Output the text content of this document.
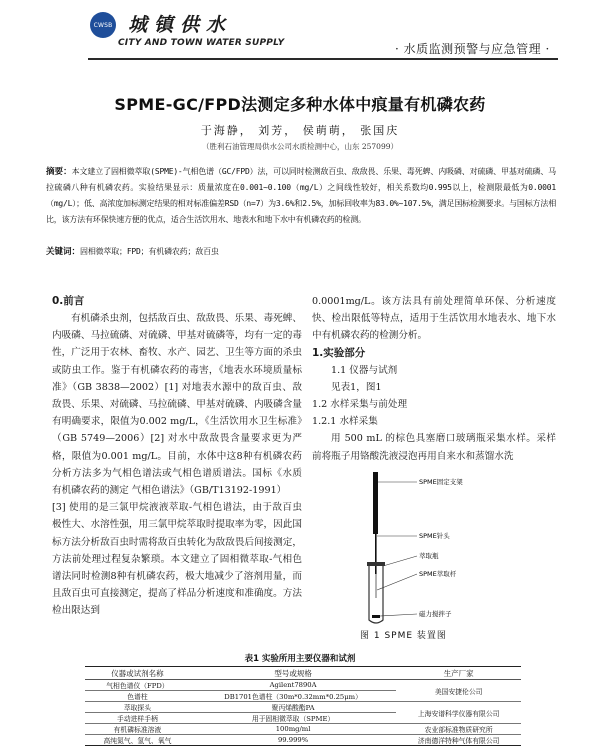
CWSB 城镇供水
CITY AND TOWN WATER SUPPLY	· 水质监测预警与应急管理 ·
SPME-GC/FPD法测定多种水体中痕量有机磷农药
于海静， 刘芳， 侯萌萌， 张国庆
（胜利石油管理局供水公司水质检测中心，山东 257099）
摘要：本文建立了固相微萃取(SPME)-气相色谱（GC/FPD）法，可以同时检测敌百虫、敌敌畏、乐果、毒死蜱、内吸磷、对硫磷、甲基对硫磷、马拉硫磷八种有机磷农药。实验结果显示：质量浓度在0.001~0.100（mg/L）之间线性较好，相关系数均0.995以上，检测限最低为0.0001（mg/L）；低、高浓度加标测定结果的相对标准偏差RSD（n=7）为3.6%和2.5%，加标回收率为83.0%~107.5%，满足国标检测要求。与国标方法相比，该方法有环保快速方便的优点，适合生活饮用水、地表水和地下水中有机磷农药的检测。
关键词：固相微萃取；FPD；有机磷农药；敌百虫
0.前言

有机磷杀虫剂，包括敌百虫、敌敌畏、乐果、毒死蜱、内吸磷、马拉硫磷、对硫磷、甲基对硫磷等，均有一定的毒性，广泛用于农林、畜牧、水产、园艺、卫生等方面的杀虫或防虫工作。鉴于有机磷农药的毒害，《地表水环境质量标准》（GB 3838—2002）[1] 对地表水源中的敌百虫、敌敌畏、乐果、对硫磷、马拉硫磷、甲基对硫磷、内吸磷含量有明确要求，限值为0.002 mg/L，《生活饮用水卫生标准》（GB 5749—2006）[2] 对水中敌敌畏含量要求更为严格，限值为0.001 mg/L。目前，水体中这8种有机磷农药分析方法多为气相色谱法或气相色谱质谱法。国标《水质 有机磷农药的测定 气相色谱法》（GB/T13192-1991）

[3] 使用的是三氯甲烷液液萃取-气相色谱法，由于敌百虫极性大、水溶性强，用三氯甲烷萃取时提取率为零，因此国标方法分析敌百虫时需将敌百虫转化为敌敌畏后间接测定，方法前处理过程复杂繁琐。本文建立了固相微萃取-气相色谱法同时检测8种有机磷农药，极大地减少了溶剂用量，而且敌百虫可直接测定，提高了样品分析速度和准确度。方法检出限达到

0.0001mg/L。该方法具有前处理简单环保、分析速度快、检出限低等特点，适用于生活饮用水地表水、地下水中有机磷农药的检测分析。

1.实验部分

1.1 仪器与试剂

见表1，图1

1.2 水样采集与前处理

1.2.1 水样采集

用 500 mL 的棕色具塞磨口玻璃瓶采集水样。采样前将瓶子用铬酸洗液浸泡再用自来水和蒸馏水洗

SPME固定支架
SPME针头
萃取瓶
SPME萃取杆
磁力搅拌子
图 1 SPME 装置图
表1 实验所用主要仪器和试剂
仪器或试剂名称	型号或规格	生产厂家
气相色谱仪（FPD）	Agilent7890A	美国安捷伦公司
色谱柱	DB1701色谱柱（30m*0.32mm*0.25μm）	
萃取探头	聚丙烯酸酯PA	上海安谱科学仪器有限公司
手动进样手柄	用于固相微萃取（SPME）	
有机磷标准溶液	100mg/ml	农业部标准物质研究所
高纯氮气、氢气、氧气	99.999%	济南德洋特种气体有限公司
